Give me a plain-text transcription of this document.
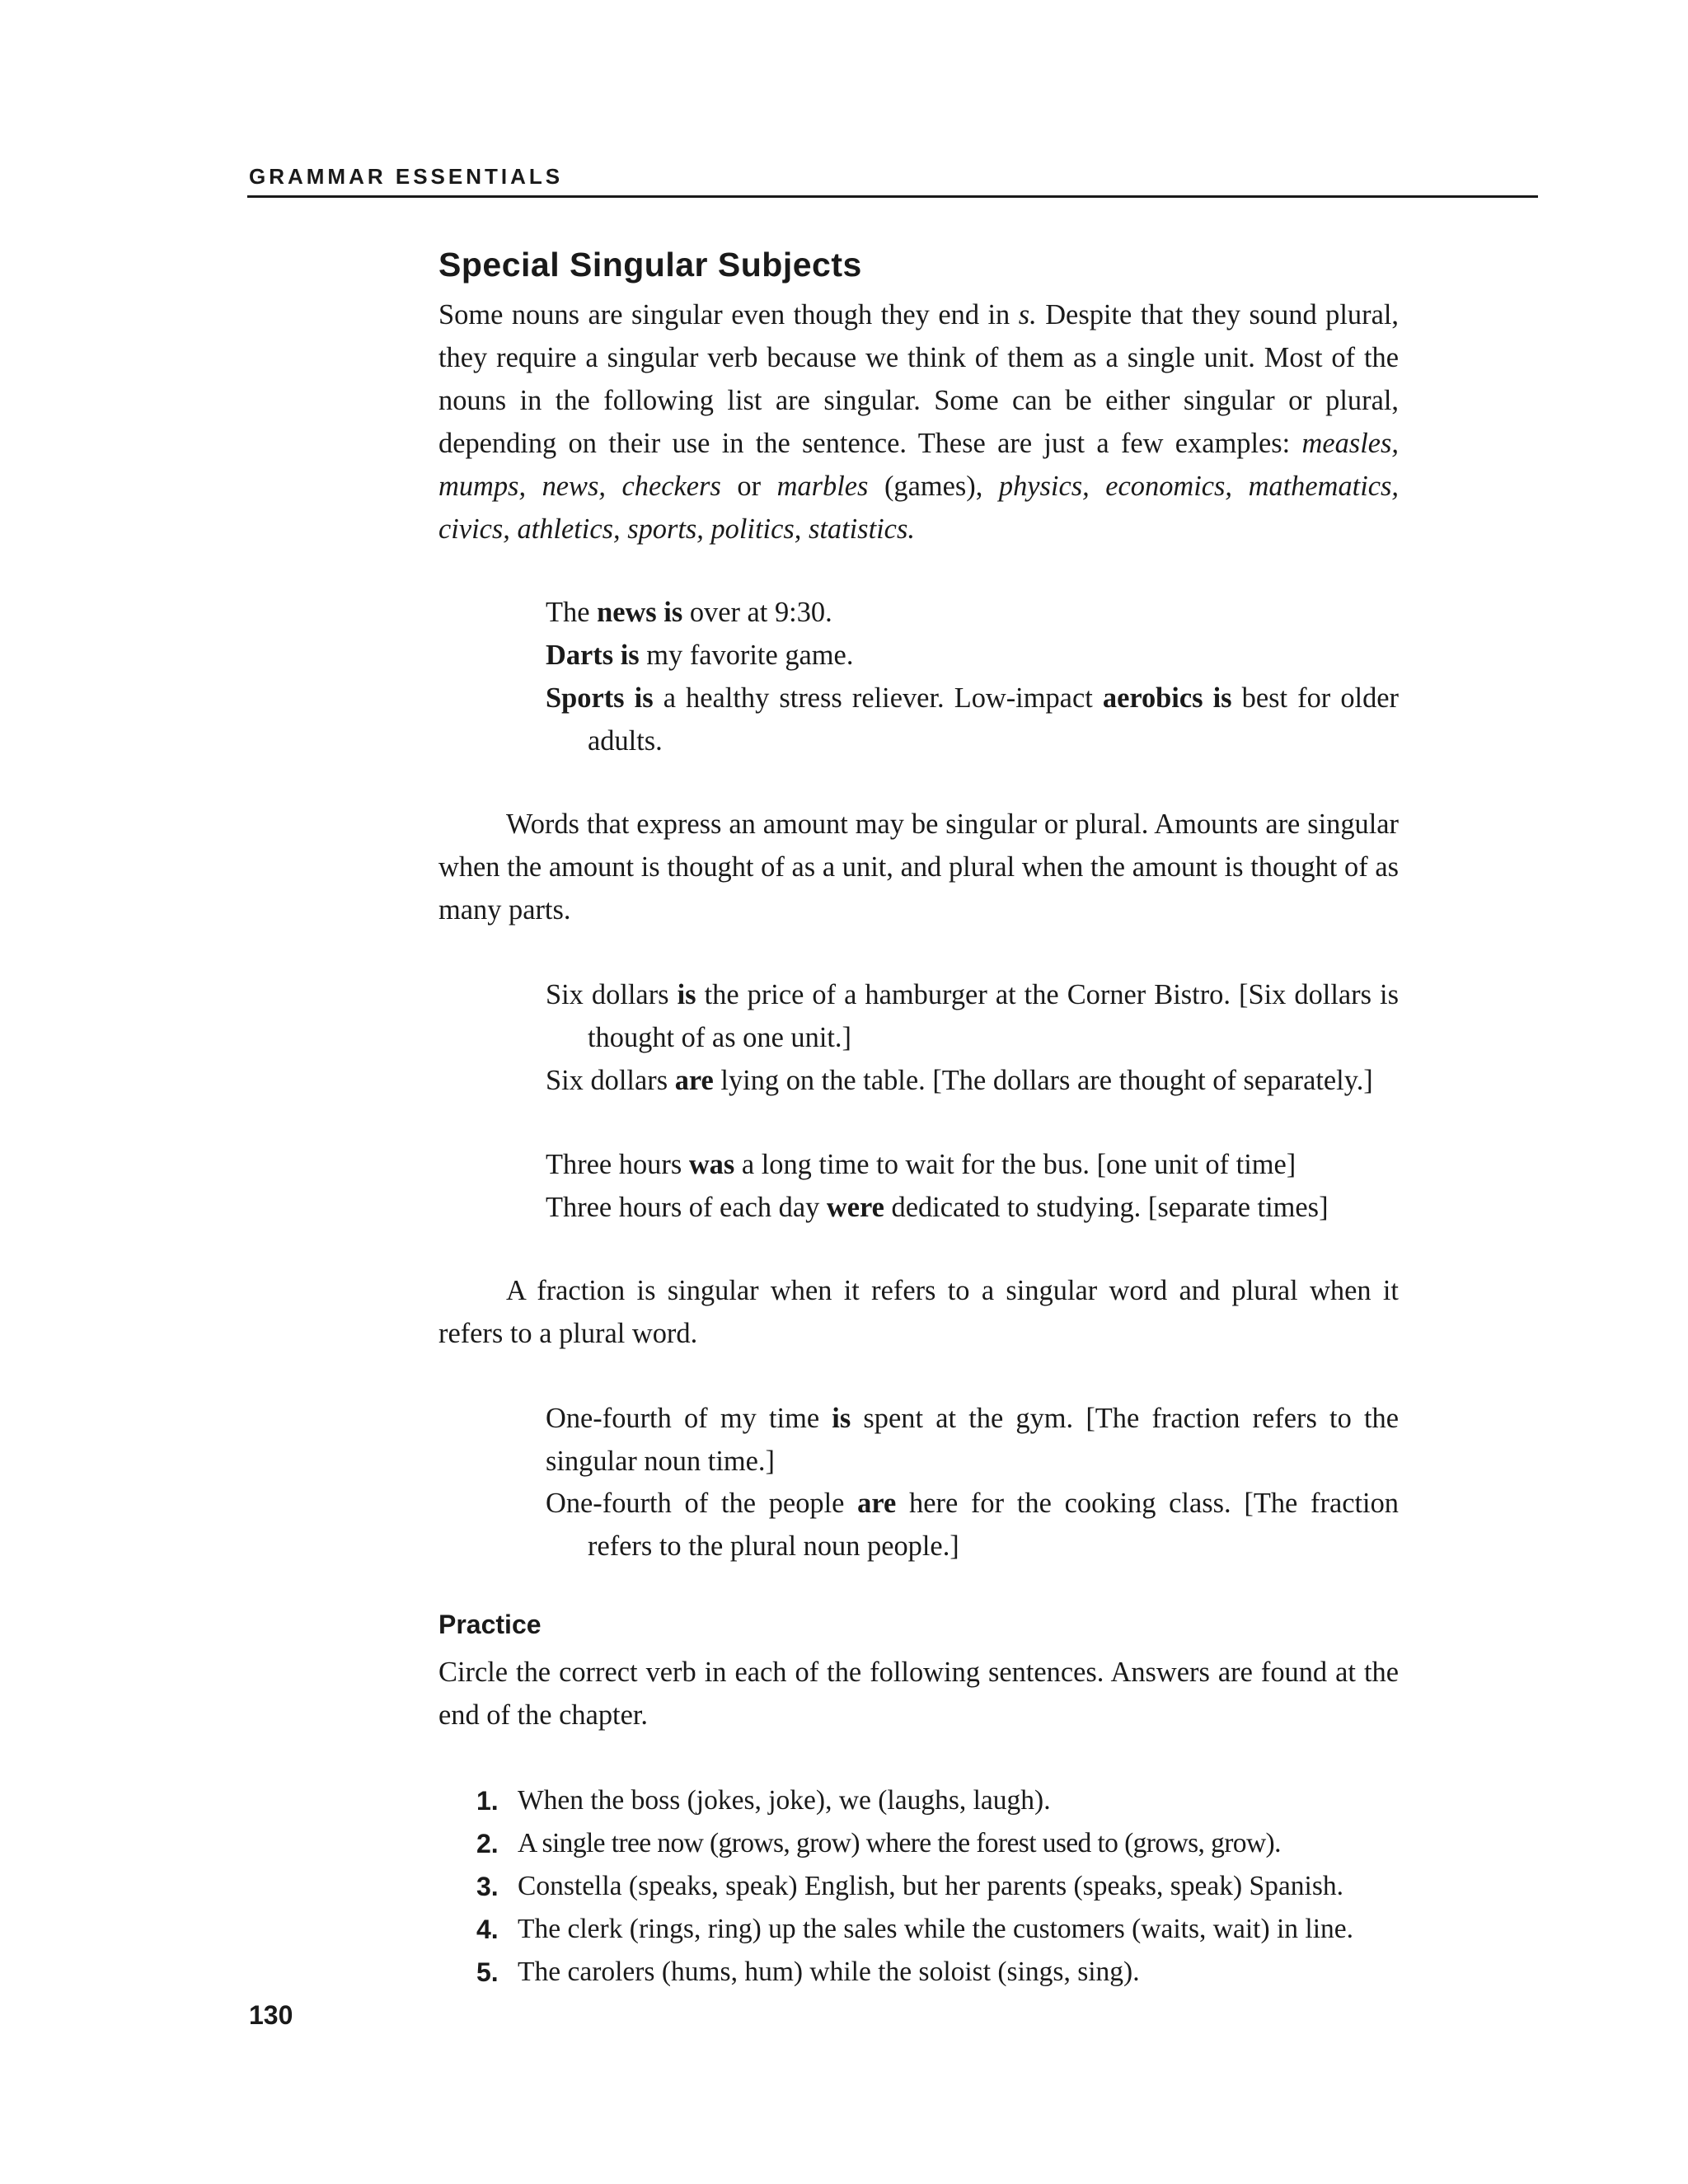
GRAMMAR ESSENTIALS
Special Singular Subjects

Some nouns are singular even though they end in s. Despite that they sound plural, they require a singular verb because we think of them as a single unit. Most of the nouns in the following list are singular. Some can be either singular or plural, depending on their use in the sentence. These are just a few examples: measles, mumps, news, checkers or marbles (games), physics, economics, mathematics, civics, athletics, sports, politics, statistics.

The news is over at 9:30.

Darts is my favorite game.

Sports is a healthy stress reliever. Low-impact aerobics is best for older adults.

Words that express an amount may be singular or plural. Amounts are singular when the amount is thought of as a unit, and plural when the amount is thought of as many parts.

Six dollars is the price of a hamburger at the Corner Bistro. [Six dollars is thought of as one unit.]

Six dollars are lying on the table. [The dollars are thought of separately.]

Three hours was a long time to wait for the bus. [one unit of time]

Three hours of each day were dedicated to studying. [separate times]

A fraction is singular when it refers to a singular word and plural when it refers to a plural word.

One-fourth of my time is spent at the gym. [The fraction refers to the singular noun time.]

One-fourth of the people are here for the cooking class. [The fraction refers to the plural noun people.]

Practice

Circle the correct verb in each of the following sentences. Answers are found at the end of the chapter.

1. When the boss (jokes, joke), we (laughs, laugh).
2. A single tree now (grows, grow) where the forest used to (grows, grow).
3. Constella (speaks, speak) English, but her parents (speaks, speak) Spanish.
4. The clerk (rings, ring) up the sales while the customers (waits, wait) in line.
5. The carolers (hums, hum) while the soloist (sings, sing).
130
